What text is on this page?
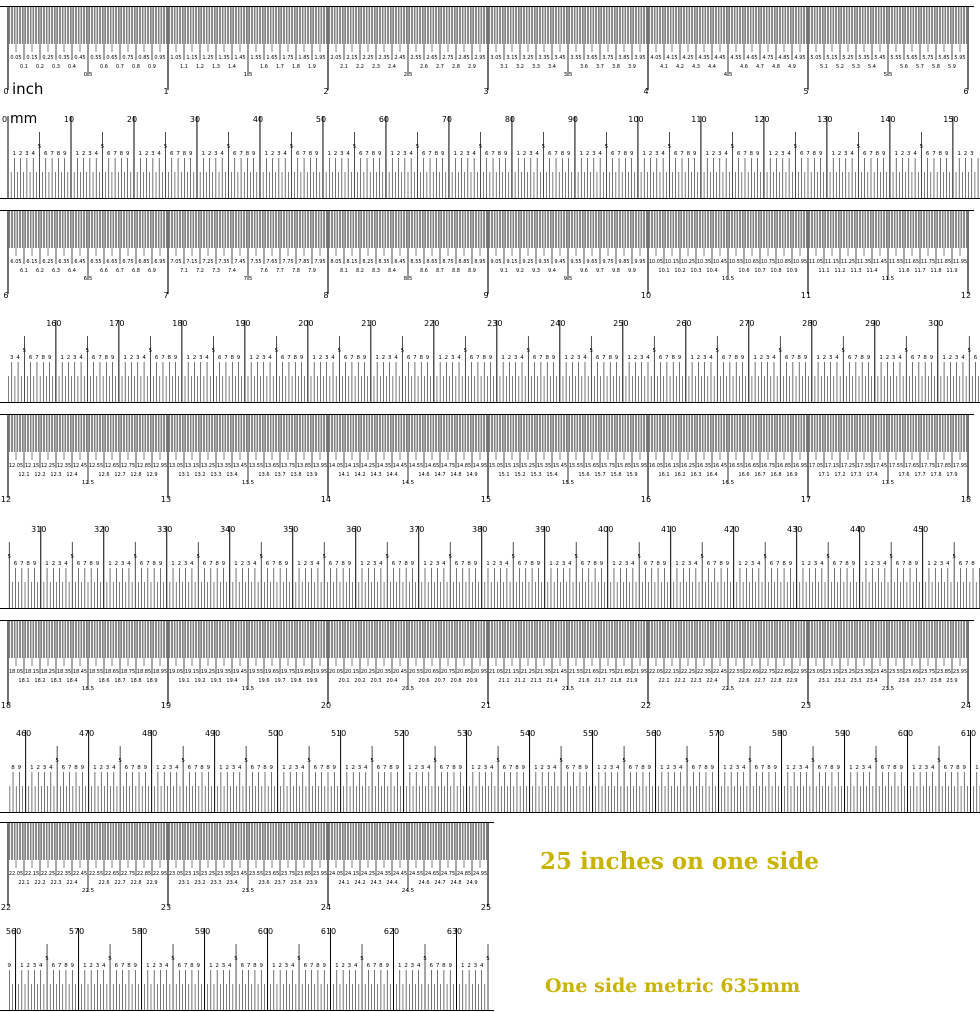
0.05 0.15 0.25 0.35 0.45 0.55 0.65 0.75 0.85 0.95 1.05 1.15 1.25 1.35 1.45 1.55 1.65 1.75 1.85 1.95 2.05 2.15 2.25 2.35 2.45 2.55 2.65 2.75 2.85 2.95 3.05 3.15 3.25 3.35 3.45 3.55 3.65 3.75 3.85 3.95 4.05 4.15 4.25 4.35 4.45 4.55 4.65 4.75 4.85 4.95 5.05 5.15 5.25 5.35 5.45 5.55 5.65 5.75 5.85 5.95
0.1 0.2 0.3 0.4	0.6 0.7 0.8 0.9	1.1 1.2 1.3 1.4	1.6 1.7 1.8 1.9	2.1 2.2 2.3 2.4	2.6 2.7 2.8 2.9	3.1 3.2 3.3 3.4	3.6 3.7 3.8 3.9	4.1 4.2 4.3 4.4	4.6 4.7 4.8 4.9	5.1 5.2 5.3 5.4	5.6 5.7 5.8 5.9
0.5	1.5	2.5	3.5	4.5	5.5
0	1	2	3	4	5	6
inch
1 2 3 4
5
6 7 8 9 1 2 3 4
5
6 7 8 9 1 2 3 4
5
6 7 8 9 1 2 3 4
5
6 7 8 9 1 2 3 4
5
6 7 8 9 1 2 3 4
5
6 7 8 9 1 2 3 4
5
6 7 8 9 1 2 3 4
5
6 7 8 9 1 2 3 4
5
6 7 8 9 1 2 3 4
5
6 7 8 9 1 2 3 4
5
6 7 8 9 1 2 3 4
5
6 7 8 9 1 2 3 4
5
6 7 8 9 1 2 3 4
5
6 7 8 9 1 2 3 4
5
6 7 8 9 1 2 3
10	20	30	40	50	60	70	80	90	100	110	120	130	140	150
0 mm
6.05 6.15 6.25 6.35 6.45 6.55 6.65 6.75 6.85 6.95 7.05 7.15 7.25 7.35 7.45 7.55 7.65 7.75 7.85 7.95 8.05 8.15 8.25 8.35 8.45 8.55 8.65 8.75 8.85 8.95 9.05 9.15 9.25 9.35 9.45 9.55 9.65 9.75 9.85 9.95 10.05 10.15 10.25 10.35 10.45 10.55 10.65 10.75 10.85 10.95 11.05 11.15 11.25 11.35 11.45 11.55 11.65 11.75 11.85 11.95
6.1 6.2 6.3 6.4	6.6 6.7 6.8 6.9	7.1 7.2 7.3 7.4	7.6 7.7 7.8 7.9	8.1 8.2 8.3 8.4	8.6 8.7 8.8 8.9	9.1 9.2 9.3 9.4	9.6 9.7 9.8 9.9	10.1 10.2 10.3 10.4	10.6 10.7 10.8 10.9	11.1 11.2 11.3 11.4	11.6 11.7 11.8 11.9
6.5	7.5	8.5	9.5	10.5	11.5
6	7	8	9	10	11	12
3 4
5
6 7 8 9 1 2 3 4
5
6 7 8 9 1 2 3 4
5
6 7 8 9 1 2 3 4
5
6 7 8 9 1 2 3 4
5
6 7 8 9 1 2 3 4
5
6 7 8 9 1 2 3 4
5
6 7 8 9 1 2 3 4
5
6 7 8 9 1 2 3 4
5
6 7 8 9 1 2 3 4
5
6 7 8 9 1 2 3 4
5
6 7 8 9 1 2 3 4
5
6 7 8 9 1 2 3 4
5
6 7 8 9 1 2 3 4
5
6 7 8 9 1 2 3 4
5
6 7 8 9 1 2 3 4
5
6
160	170	180	190	200	210	220	230	240	250	260	270	280	290	300
12.05 12.15 12.25 12.35 12.45 12.55 12.65 12.75 12.85 12.95 13.05 13.15 13.25 13.35 13.45 13.55 13.65 13.75 13.85 13.95 14.05 14.15 14.25 14.35 14.45 14.55 14.65 14.75 14.85 14.95 15.05 15.15 15.25 15.35 15.45 15.55 15.65 15.75 15.85 15.95 16.05 16.15 16.25 16.35 16.45 16.55 16.65 16.75 16.85 16.95 17.05 17.15 17.25 17.35 17.45 17.55 17.65 17.75 17.85 17.95
12.1 12.2 12.3 12.4	12.6 12.7 12.8 12.9	13.1 13.2 13.3 13.4	13.6 13.7 13.8 13.9	14.1 14.2 14.3 14.4	14.6 14.7 14.8 14.9	15.1 15.2 15.3 15.4	15.6 15.7 15.8 15.9	16.1 16.2 16.3 16.4	16.6 16.7 16.8 16.9	17.1 17.2 17.3 17.4	17.6 17.7 17.8 17.9
12.5	13.5	14.5	15.5	16.5	17.5
12	13	14	15	16	17	18
5
6 7 8 9 1 2 3 4
5
6 7 8 9 1 2 3 4
5
6 7 8 9 1 2 3 4
5
6 7 8 9 1 2 3 4
5
6 7 8 9 1 2 3 4
5
6 7 8 9 1 2 3 4
5
6 7 8 9 1 2 3 4
5
6 7 8 9 1 2 3 4
5
6 7 8 9 1 2 3 4
5
6 7 8 9 1 2 3 4
5
6 7 8 9 1 2 3 4
5
6 7 8 9 1 2 3 4
5
6 7 8 9 1 2 3 4
5
6 7 8 9 1 2 3 4
5
6 7 8 9 1 2 3 4
5
6 7 8
310	320	330	340	350	360	370	380	390	400	410	420	430	440	450
18.05 18.15 18.25 18.35 18.45 18.55 18.65 18.75 18.85 18.95 19.05 19.15 19.25 19.35 19.45 19.55 19.65 19.75 19.85 19.95 20.05 20.15 20.25 20.35 20.45 20.55 20.65 20.75 20.85 20.95 21.05 21.15 21.25 21.35 21.45 21.55 21.65 21.75 21.85 21.95 22.05 22.15 22.25 22.35 22.45 22.55 22.65 22.75 22.85 22.95 23.05 23.15 23.25 23.35 23.45 23.55 23.65 23.75 23.85 23.95
18.1 18.2 18.3 18.4	18.6 18.7 18.8 18.9	19.1 19.2 19.3 19.4	19.6 19.7 19.8 19.9	20.1 20.2 20.3 20.4	20.6 20.7 20.8 20.9	21.1 21.2 21.3 21.4	21.6 21.7 21.8 21.9	22.1 22.2 22.3 22.4	22.6 22.7 22.8 22.9	23.1 23.2 23.3 23.4	23.6 23.7 23.8 23.9
18.5	19.5	20.5	21.5	22.5	23.5
18	19	20	21	22	23	24
8 9 1 2 3 4
5
6 7 8 9 1 2 3 4
5
6 7 8 9 1 2 3 4
5
6 7 8 9 1 2 3 4
5
6 7 8 9 1 2 3 4
5
6 7 8 9 1 2 3 4
5
6 7 8 9 1 2 3 4
5
6 7 8 9 1 2 3 4
5
6 7 8 9 1 2 3 4
5
6 7 8 9 1 2 3 4
5
6 7 8 9 1 2 3 4
5
6 7 8 9 1 2 3 4
5
6 7 8 9 1 2 3 4
5
6 7 8 9 1 2 3 4
5
6 7 8 9 1 2 3 4
5
6 7 8 9 1
460	470	480	490	500	510	520	530	540	550	560	570	580	590	600	610
22.05 22.15 22.25 22.35 22.45 22.55 22.65 22.75 22.85 22.95 23.05 23.15 23.25 23.35 23.45 23.55 23.65 23.75 23.85 23.95 24.05 24.15 24.25 24.35 24.45 24.55 24.65 24.75 24.85 24.95
22.1 22.2 22.3 22.4	22.6 22.7 22.8 22.9	23.1 23.2 23.3 23.4	23.6 23.7 23.8 23.9	24.1 24.2 24.3 24.4	24.6 24.7 24.8 24.9
22.5	23.5	24.5
22	23	24	25
9 1 2 3 4
5
6 7 8 9 1 2 3 4
5
6 7 8 9 1 2 3 4
5
6 7 8 9 1 2 3 4
5
6 7 8 9 1 2 3 4
5
6 7 8 9 1 2 3 4
5
6 7 8 9 1 2 3 4
5
6 7 8 9 1 2 3 4
5
560	570	580	590	600	610	620	630
25 inches on one side
One side metric 635mm
